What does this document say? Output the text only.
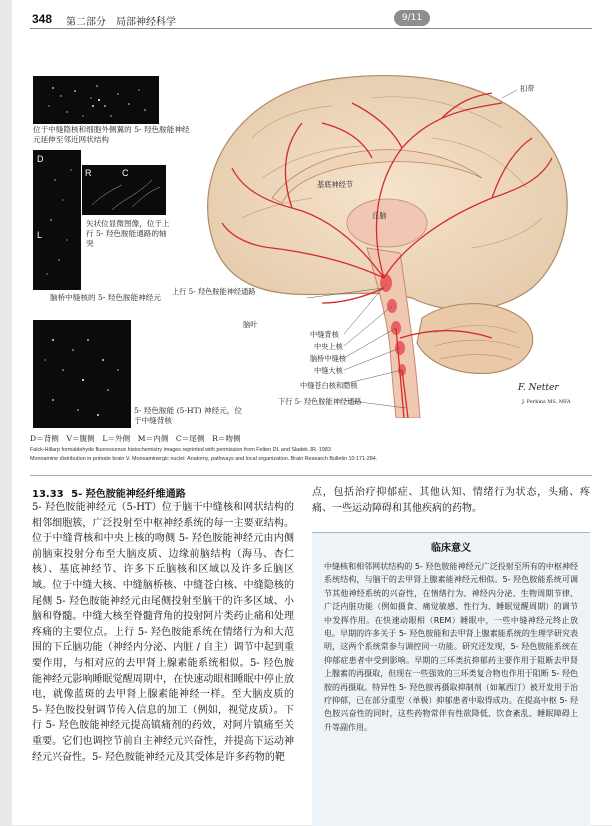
9/11
348 第二部分　局部神经科学
位于中缝隐核和细胞外侧翼的 5- 羟色胺能神经元延伸至邻近网状结构
D
L
R	C
矢状位显微图像，位于上行 5- 羟色胺能通路的轴突
脑桥中缝核的 5- 羟色胺能神经元
5- 羟色胺能 (5-HT) 神经元，位于中缝背核
扣带
基底神经节
丘脑
上行 5- 羟色胺能神经通路
脑叶
中缝背核
中央上核
脑桥中缝核
中缝大核
中缝苍白核和隐核
下行 5- 羟色胺能神经通路
F. Netter
J. Perkins MS, MFA
D＝背侧　V＝腹侧　L＝外侧　M＝内侧　C＝尾侧　R＝吻侧
Falck-Hillarp formaldehyde fluorescence histochemistry images reprinted with permission from Felten DL and Sladek JR. 1983
Monoamine distribution in primate brain V. Monoaminergic nuclei: Anatomy, pathways and local organization. Brain Research Bulletin 10:171-284.
13.33 5- 羟色胺能神经纤维通路
5- 羟色胺能神经元（5-HT）位于脑干中缝核和网状结构的相邻细胞簇，广泛投射至中枢神经系统的每一主要亚结构。位于中缝背核和中央上核的吻侧 5- 羟色胺能神经元由内侧前脑束投射分布至大脑皮质、边缘前脑结构（海马、杏仁核）、基底神经节、许多下丘脑核和区域以及许多丘脑区域。位于中缝大核、中缝脑桥核、中缝苍白核、中缝隐核的尾侧 5- 羟色胺能神经元由尾侧投射至脑干的许多区域、小脑和脊髓。中缝大核至脊髓背角的投射阿片类药止痛和处理疼痛的主要位点。上行 5- 羟色胺能系统在情绪行为和大范围的下丘脑功能（神经内分泌、内脏 / 自主）调节中起到重要作用，与相对应的去甲肾上腺素能系统相似。5- 羟色胺能神经元影响睡眠觉醒周期中，在快速动眼相睡眠中停止放电，就像蓝斑的去甲肾上腺素能神经一样。至大脑皮质的 5- 羟色胺投射调节传入信息的加工（例如，视觉皮质）。下行 5- 羟色胺能神经元提高镇痛剂的药效，对阿片镇痛至关重要。它们也调控节前自主神经元兴奋性，并提高下运动神经元兴奋性。5- 羟色胺能神经元及其受体是许多药物的靶
点，包括治疗抑郁症、其他认知、情绪行为状态，头痛、疼痛、一些运动障碍和其他疾病的药物。
临床意义
中缝核和相邻网状结构的 5- 羟色胺能神经元广泛投射至所有的中枢神经系统结构，与脑干的去甲肾上腺素能神经元相似。5- 羟色胺能系统可调节其他神经系统的兴奋性，在情绪行为、神经内分泌、生物周期节律、广泛内脏功能（例如摄食、痛觉敏感、性行为、睡眠觉醒周期）的调节中发挥作用。在快速动眼相（REM）睡眠中，一些中缝神经元终止放电。早期的许多关于 5- 羟色胺能和去甲肾上腺素能系统的生理学研究表明，这两个系统常参与调控同一功能。研究还发现，5- 羟色胺能系统在抑郁症患者中受到影响。早期的三环类抗抑郁药主要作用于阻断去甲肾上腺素的再摄取，但现在一些强效的三环类复合物也作用于阻断 5- 羟色胺的再摄取。特异性 5- 羟色胺再摄取抑制剂（如氟西汀）被开发用于治疗抑郁，已在部分重型（单极）抑郁患者中取得成功。在提高中枢 5- 羟色胺兴奋性的同时，这些药物常伴有性欲降低、饮食紊乱、睡眠障碍上升等副作用。
